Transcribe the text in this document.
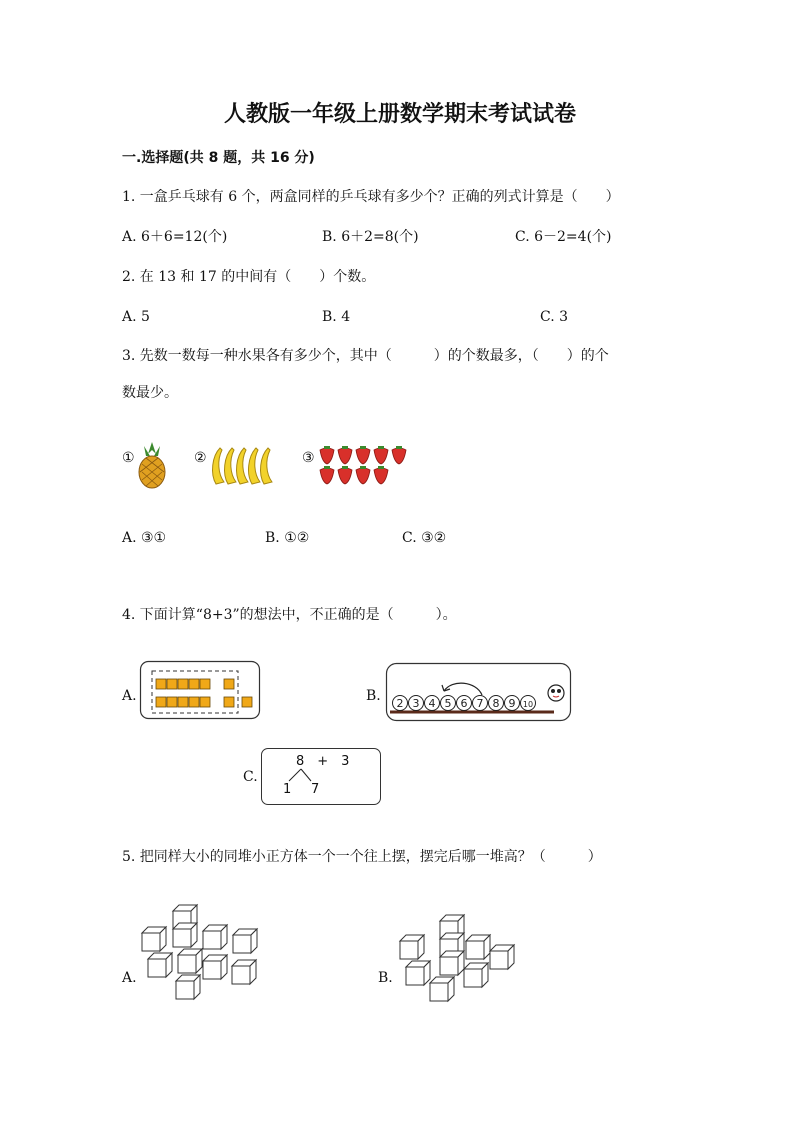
人教版一年级上册数学期末考试试卷
一.选择题(共 8 题，共 16 分)
1. 一盒乒乓球有 6 个，两盒同样的乒乓球有多少个？正确的列式计算是（　　）
A. 6＋6=12(个)	B. 6＋2=8(个)	C. 6－2=4(个)
2. 在 13 和 17 的中间有（　　）个数。
A. 5	B. 4	C. 3
3. 先数一数每一种水果各有多少个，其中（　　　）的个数最多，（　　）的个
数最少。
①	②	③
A. ③①	B. ①②	C. ③②
4. 下面计算“8+3”的想法中，不正确的是（　　　）。
A.	B. 2 3 4 5 6 7 8 9 10
C.
8　+　3
1 7
5. 把同样大小的同堆小正方体一个一个往上摆，摆完后哪一堆高？（　　　）
A.	B.
